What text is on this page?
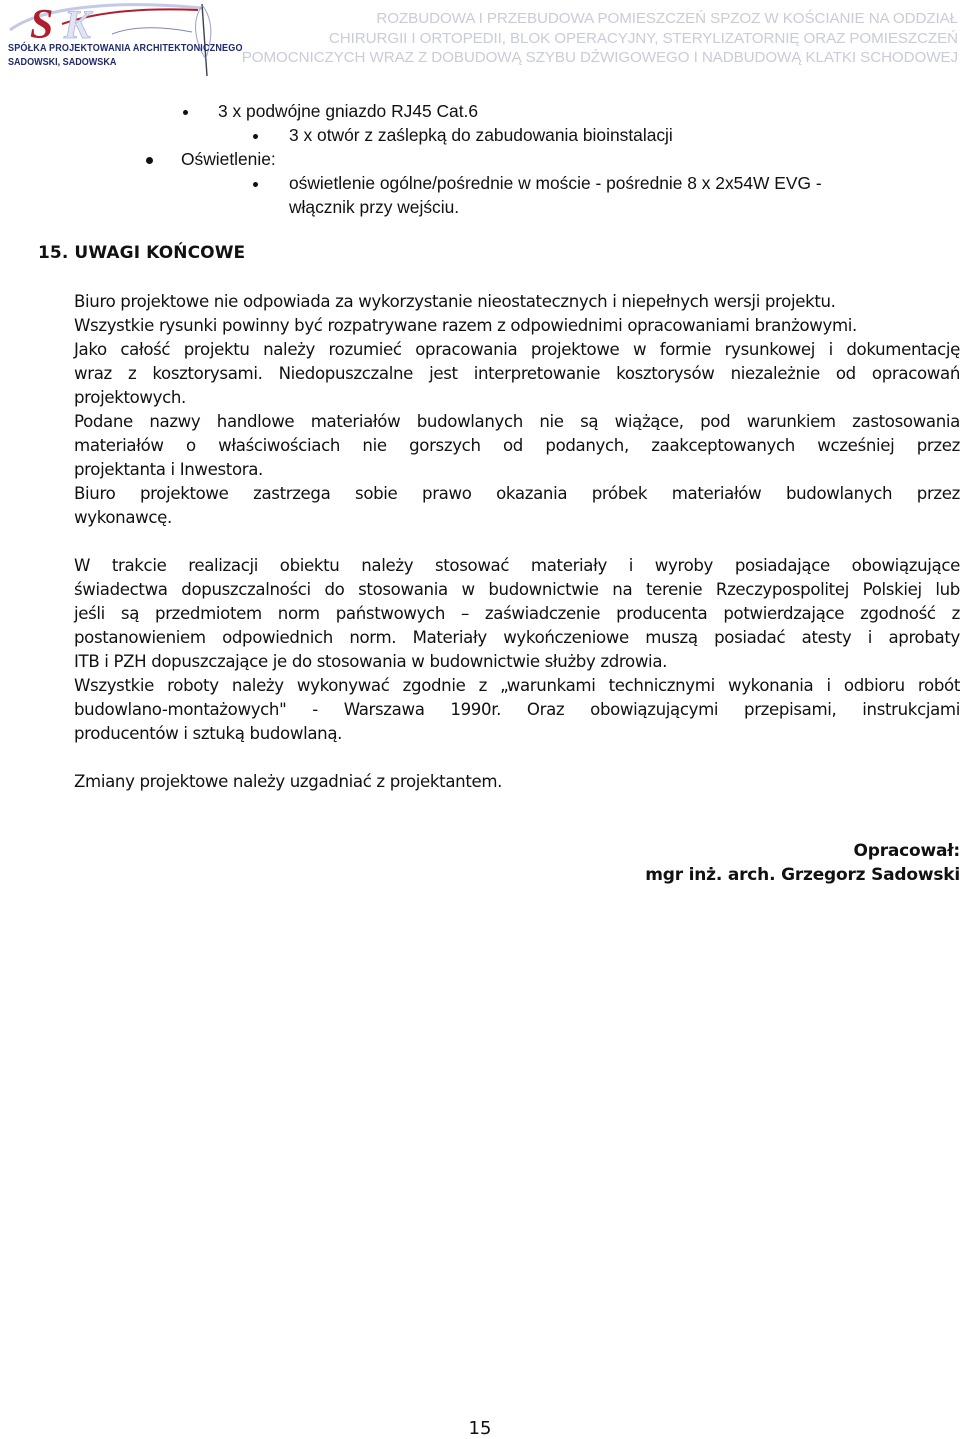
S K
SPÓŁKA PROJEKTOWANIA ARCHITEKTONICZNEGO
SADOWSKI, SADOWSKA
ROZBUDOWA I PRZEBUDOWA POMIESZCZEŃ SPZOZ W KOŚCIANIE NA ODDZIAŁ
CHIRURGII I ORTOPEDII, BLOK OPERACYJNY, STERYLIZATORNIĘ ORAZ POMIESZCZEŃ
POMOCNICZYCH WRAZ Z DOBUDOWĄ SZYBU DŹWIGOWEGO I NADBUDOWĄ KLATKI SCHODOWEJ
3 x podwójne gniazdo RJ45 Cat.6
3 x otwór z zaślepką do zabudowania bioinstalacji
Oświetlenie:
oświetlenie ogólne/pośrednie w moście - pośrednie 8 x 2x54W EVG -
włącznik przy wejściu.
15. UWAGI KOŃCOWE
Biuro projektowe nie odpowiada za wykorzystanie nieostatecznych i niepełnych wersji projektu.
Wszystkie rysunki powinny być rozpatrywane razem z odpowiednimi opracowaniami branżowymi.
Jako całość projektu należy rozumieć opracowania projektowe w formie rysunkowej i dokumentację
wraz z kosztorysami. Niedopuszczalne jest interpretowanie kosztorysów niezależnie od opracowań
projektowych.
Podane nazwy handlowe materiałów budowlanych nie są wiążące, pod warunkiem zastosowania
materiałów o właściwościach nie gorszych od podanych, zaakceptowanych wcześniej przez
projektanta i Inwestora.
Biuro projektowe zastrzega sobie prawo okazania próbek materiałów budowlanych przez
wykonawcę.
W trakcie realizacji obiektu należy stosować materiały i wyroby posiadające obowiązujące
świadectwa dopuszczalności do stosowania w budownictwie na terenie Rzeczypospolitej Polskiej lub
jeśli są przedmiotem norm państwowych – zaświadczenie producenta potwierdzające zgodność z
postanowieniem odpowiednich norm. Materiały wykończeniowe muszą posiadać atesty i aprobaty
ITB i PZH dopuszczające je do stosowania w budownictwie służby zdrowia.
Wszystkie roboty należy wykonywać zgodnie z „warunkami technicznymi wykonania i odbioru robót
budowlano-montażowych" - Warszawa 1990r. Oraz obowiązującymi przepisami, instrukcjami
producentów i sztuką budowlaną.
Zmiany projektowe należy uzgadniać z projektantem.
Opracował:
mgr inż. arch. Grzegorz Sadowski
15
